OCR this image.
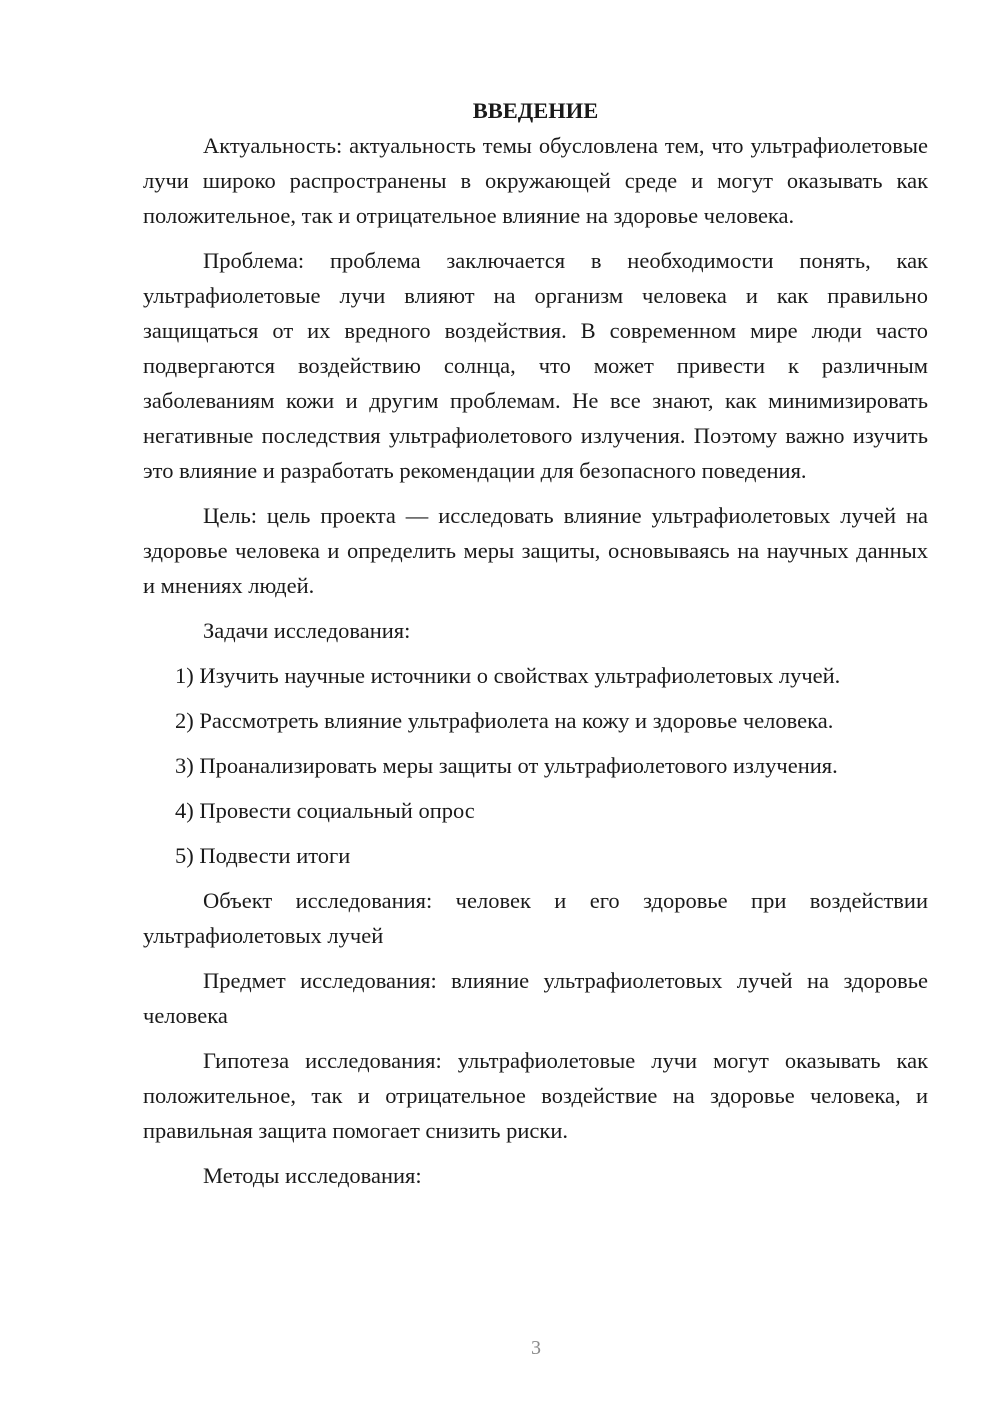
ВВЕДЕНИЕ

Актуальность: актуальность темы обусловлена тем, что ультрафиолетовые лучи широко распространены в окружающей среде и могут оказывать как положительное, так и отрицательное влияние на здоровье человека.

Проблема: проблема заключается в необходимости понять, как ультрафиолетовые лучи влияют на организм человека и как правильно защищаться от их вредного воздействия. В современном мире люди часто подвергаются воздействию солнца, что может привести к различным заболеваниям кожи и другим проблемам. Не все знают, как минимизировать негативные последствия ультрафиолетового излучения. Поэтому важно изучить это влияние и разработать рекомендации для безопасного поведения.

Цель: цель проекта — исследовать влияние ультрафиолетовых лучей на здоровье человека и определить меры защиты, основываясь на научных данных и мнениях людей.

Задачи исследования:

1) Изучить научные источники о свойствах ультрафиолетовых лучей.
2) Рассмотреть влияние ультрафиолета на кожу и здоровье человека.
3) Проанализировать меры защиты от ультрафиолетового излучения.
4) Провести социальный опрос
5) Подвести итоги

Объект исследования: человек и его здоровье при воздействии ультрафиолетовых лучей

Предмет исследования: влияние ультрафиолетовых лучей на здоровье человека

Гипотеза исследования: ультрафиолетовые лучи могут оказывать как положительное, так и отрицательное воздействие на здоровье человека, и правильная защита помогает снизить риски.

Методы исследования:

3
